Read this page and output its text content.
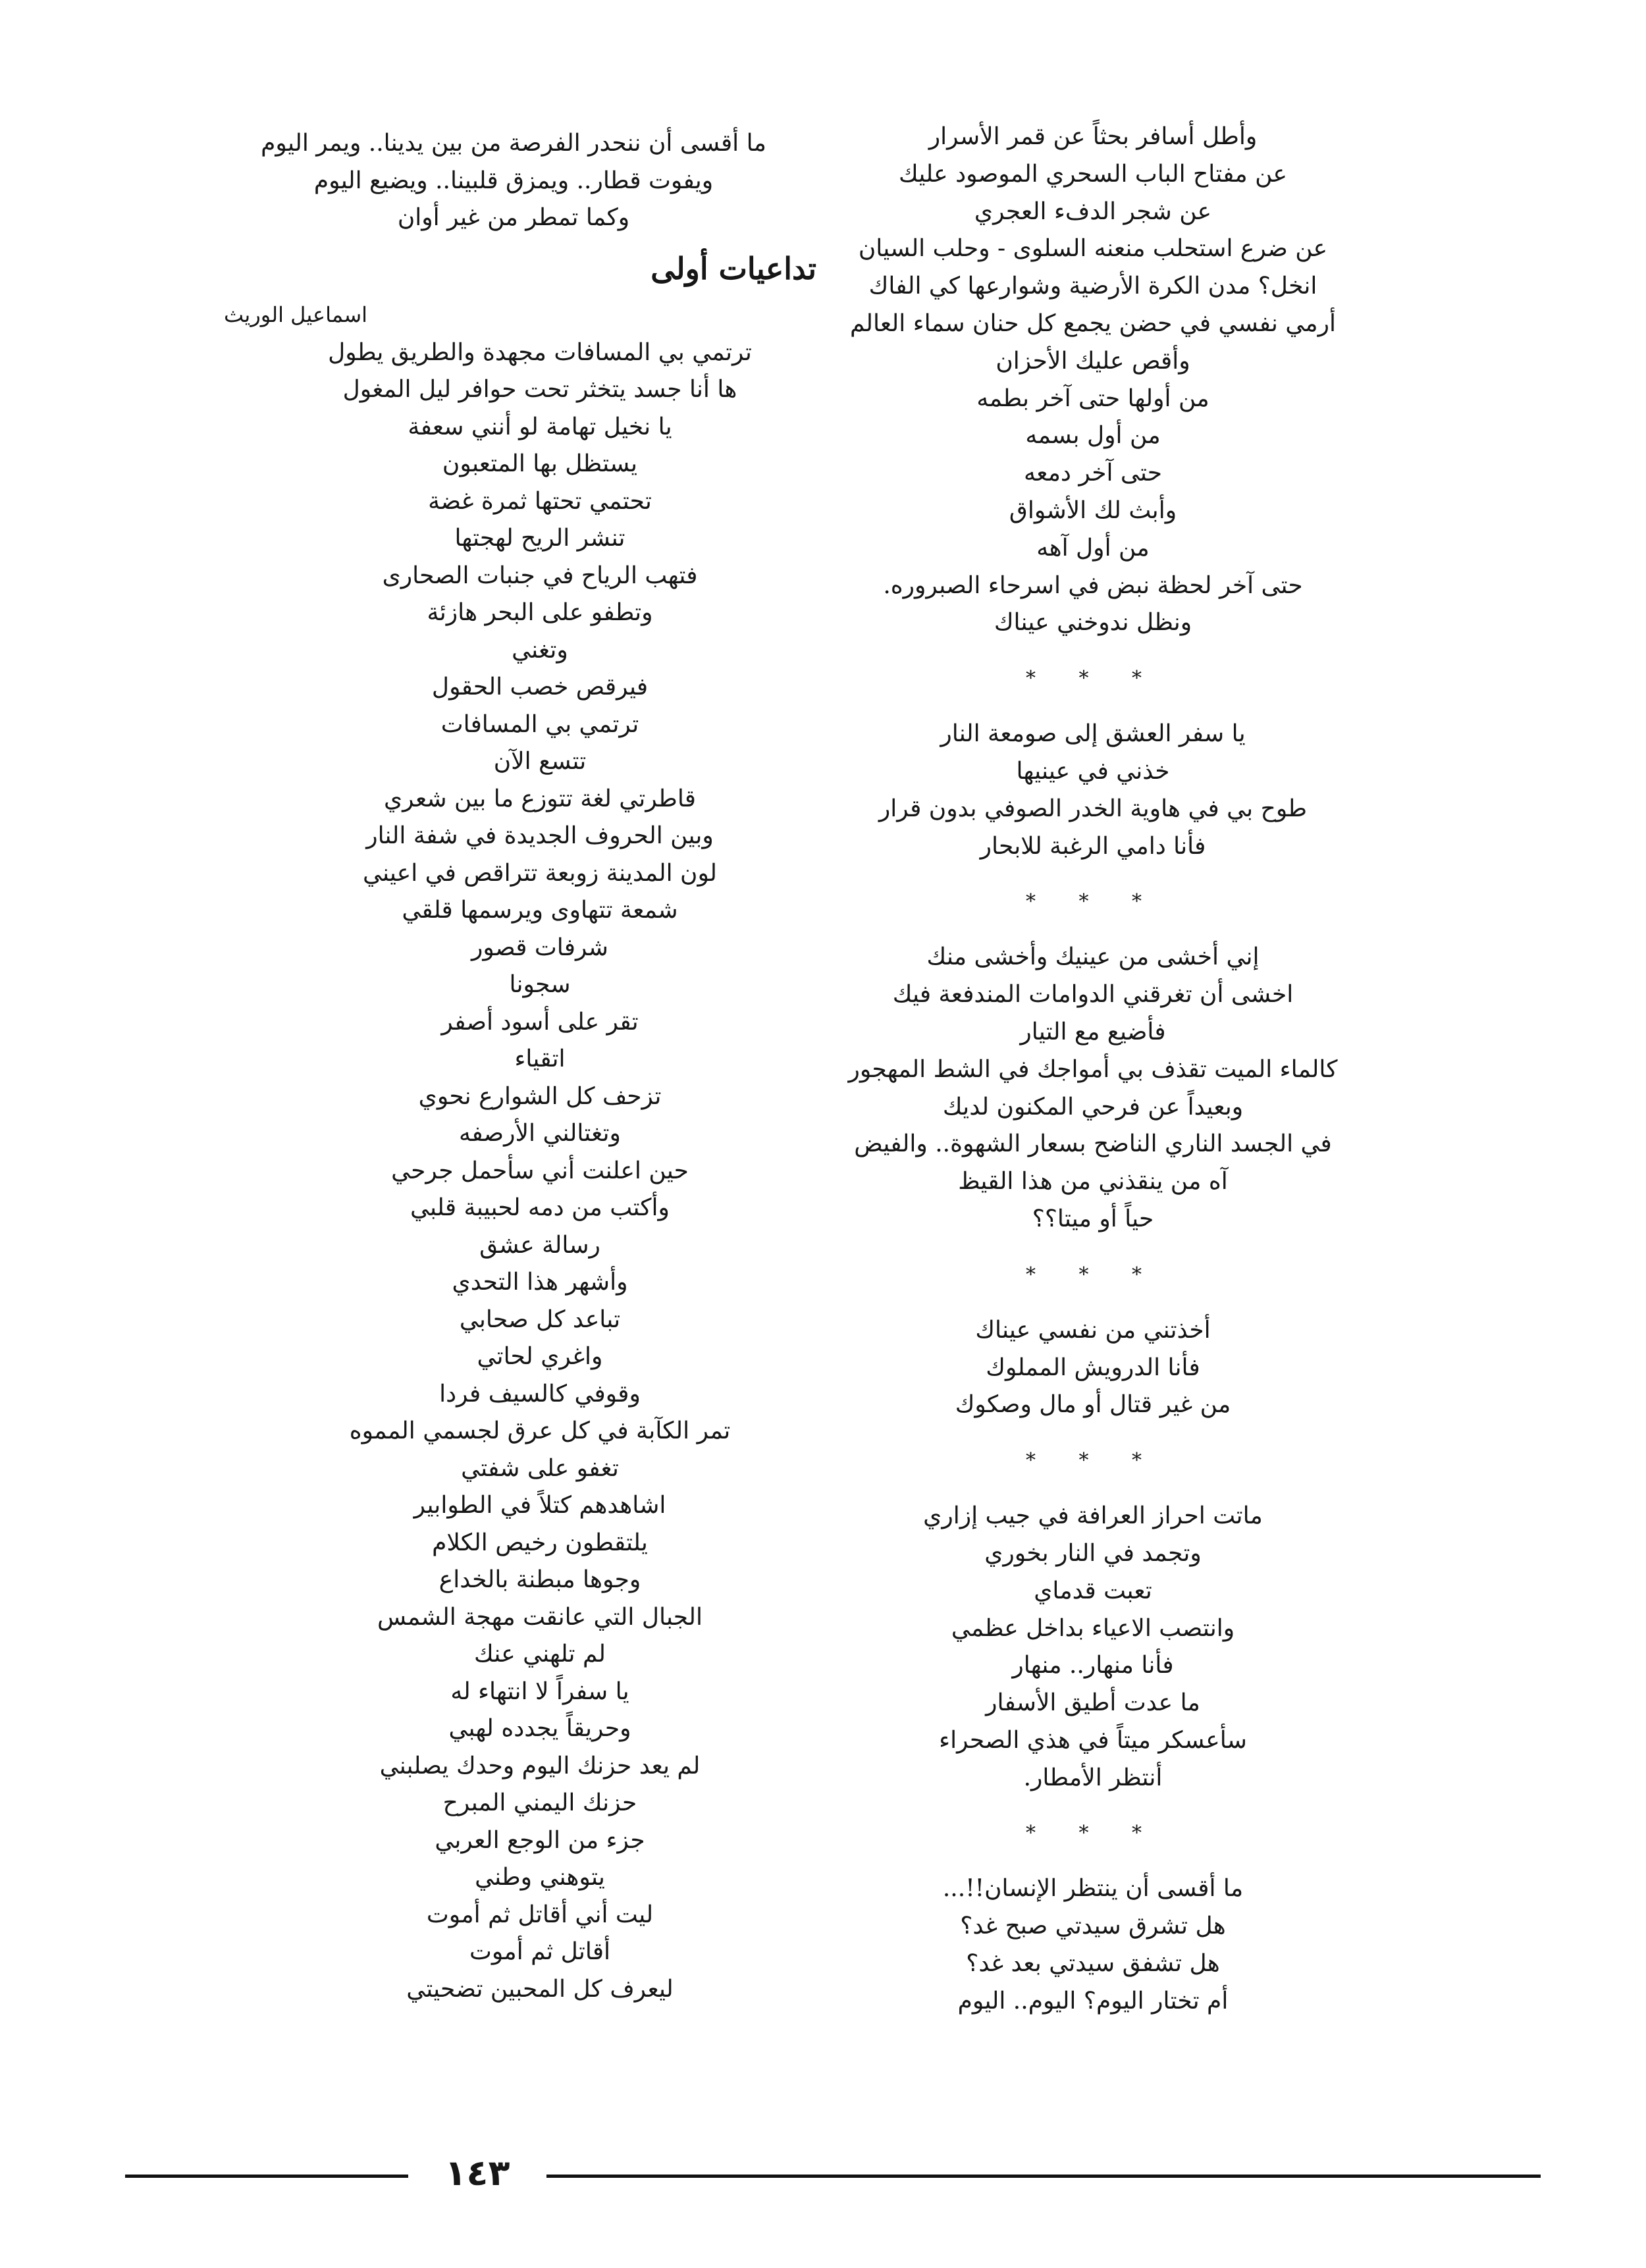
وأطل أسافر بحثاً عن قمر الأسرار
عن مفتاح الباب السحري الموصود عليك
عن شجر الدفء العجري
عن ضرع استحلب منعنه السلوى - وحلب السيان
انخل؟ مدن الكرة الأرضية وشوارعها كي الفاك
أرمي نفسي في حضن يجمع كل حنان سماء العالم
وأقص عليك الأحزان
من أولها حتى آخر بطمه
من أول بسمه
حتى آخر دمعه
وأبث لك الأشواق
من أول آهه
حتى آخر لحظة نبض في اسرحاء الصبروره.
ونظل ندوخني عيناك
* * *
يا سفر العشق إلى صومعة النار
خذني في عينيها
طوح بي في هاوية الخدر الصوفي بدون قرار
فأنا دامي الرغبة للابحار
* * *
إني أخشى من عينيك وأخشى منك
اخشى أن تغرقني الدوامات المندفعة فيك
فأضيع مع التيار
كالماء الميت تقذف بي أمواجك في الشط المهجور
وبعيداً عن فرحي المكنون لديك
في الجسد الناري الناضح بسعار الشهوة.. والفيض
آه من ينقذني من هذا القيظ
حياً أو ميتا؟؟
* * *
أخذتني من نفسي عيناك
فأنا الدرويش المملوك
من غير قتال أو مال وصكوك
* * *
ماتت احراز العرافة في جيب إزاري
وتجمد في النار بخوري
تعبت قدماي
وانتصب الاعياء بداخل عظمي
فأنا منهار.. منهار
ما عدت أطيق الأسفار
سأعسكر ميتاً في هذي الصحراء
أنتظر الأمطار.
* * *
ما أقسى أن ينتظر الإنسان!!...
هل تشرق سيدتي صبح غد؟
هل تشفق سيدتي بعد غد؟
أم تختار اليوم؟ اليوم.. اليوم
ما أقسى أن ننحدر الفرصة من بين يدينا.. ويمر اليوم
ويفوت قطار.. ويمزق قلبينا.. ويضيع اليوم
وكما تمطر من غير أوان
تداعيات أولى
اسماعيل الوريث
ترتمي بي المسافات مجهدة والطريق يطول
ها أنا جسد يتخثر تحت حوافر ليل المغول
يا نخيل تهامة لو أنني سعفة
يستظل بها المتعبون
تحتمي تحتها ثمرة غضة
تنشر الريح لهجتها
فتهب الرياح في جنبات الصحارى
وتطفو على البحر هازئة
وتغني
فيرقص خصب الحقول
ترتمي بي المسافات
تتسع الآن
قاطرتي لغة تتوزع ما بين شعري
وبين الحروف الجديدة في شفة النار
لون المدينة زوبعة تتراقص في اعيني
شمعة تتهاوى ويرسمها قلقي
شرفات قصور
سجونا
تقر على أسود أصفر
اتقياء
تزحف كل الشوارع نحوي
وتغتالني الأرصفه
حين اعلنت أني سأحمل جرحي
وأكتب من دمه لحبيبة قلبي
رسالة عشق
وأشهر هذا التحدي
تباعد كل صحابي
واغري لحاتي
وقوفي كالسيف فردا
تمر الكآبة في كل عرق لجسمي المموه
تغفو على شفتي
اشاهدهم كتلاً في الطوابير
يلتقطون رخيص الكلام
وجوها مبطنة بالخداع
الجبال التي عانقت مهجة الشمس
لم تلهني عنك
يا سفراً لا انتهاء له
وحريقاً يجدده لهبي
لم يعد حزنك اليوم وحدك يصلبني
حزنك اليمني المبرح
جزء من الوجع العربي
يتوهني وطني
ليت أني أقاتل ثم أموت
أقاتل ثم أموت
ليعرف كل المحبين تضحيتي
١٤٣
